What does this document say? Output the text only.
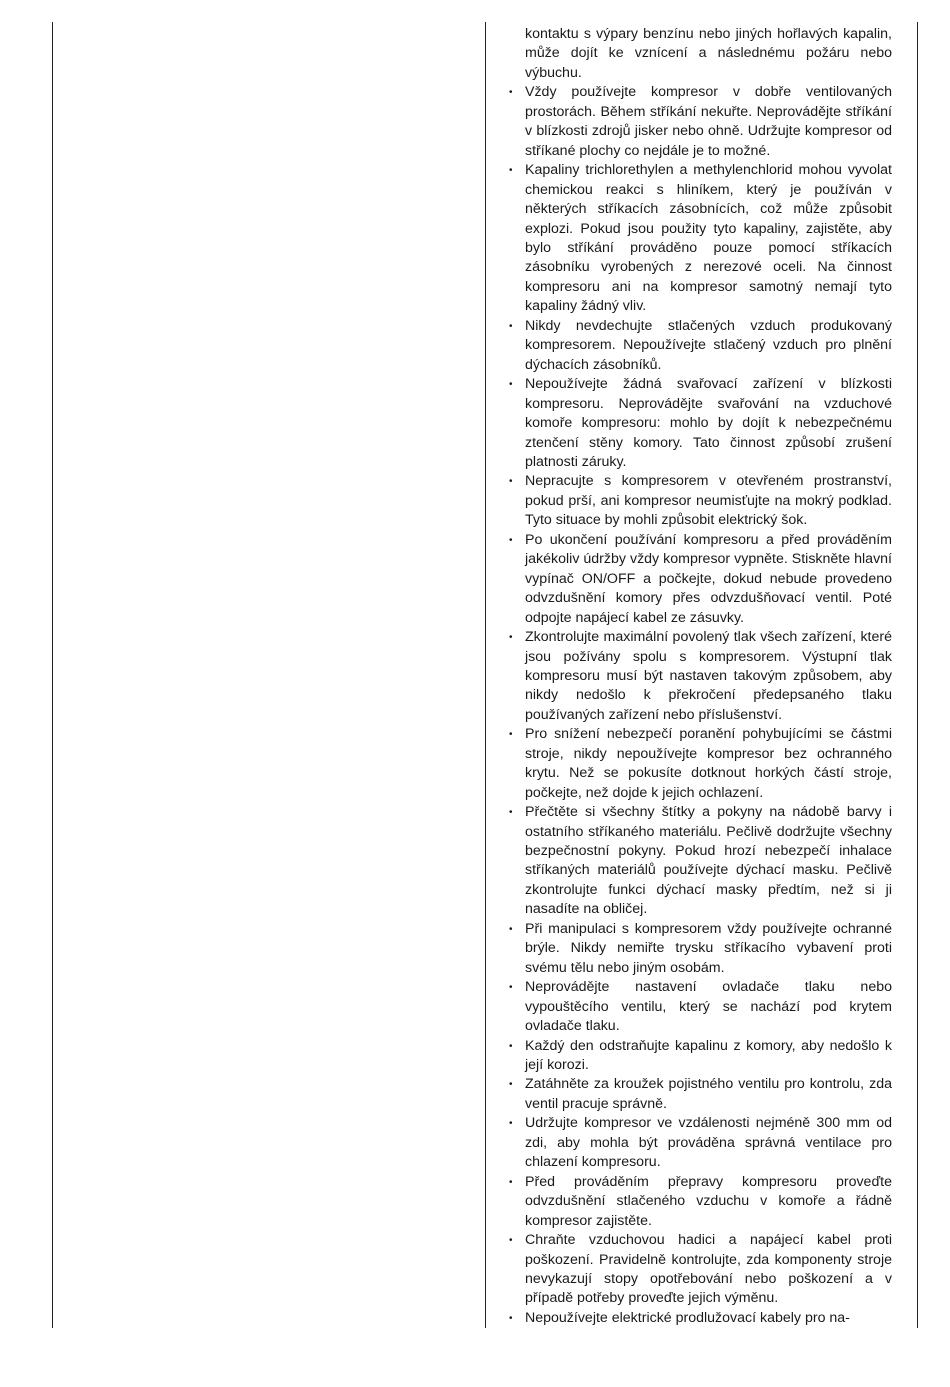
kontaktu s výpary benzínu nebo jiných hořlavých kapalin, může dojít ke vznícení a následnému požáru nebo výbuchu.

• Vždy používejte kompresor v dobře ventilovaných prostorách. Během stříkání nekuřte. Neprovádějte stříkání v blízkosti zdrojů jisker nebo ohně. Udržujte kompresor od stříkané plochy co nejdále je to možné.
• Kapaliny trichlorethylen a methylenchlorid mohou vyvolat chemickou reakci s hliníkem, který je používán v některých stříkacích zásobnících, což může způsobit explozi. Pokud jsou použity tyto kapaliny, zajistěte, aby bylo stříkání prováděno pouze pomocí stříkacích zásobníku vyrobených z nerezové oceli. Na činnost kompresoru ani na kompresor samotný nemají tyto kapaliny žádný vliv.
• Nikdy nevdechujte stlačených vzduch produkovaný kompresorem. Nepoužívejte stlačený vzduch pro plnění dýchacích zásobníků.
• Nepoužívejte žádná svařovací zařízení v blízkosti kompresoru. Neprovádějte svařování na vzduchové komoře kompresoru: mohlo by dojít k nebezpečnému ztenčení stěny komory. Tato činnost způsobí zrušení platnosti záruky.
• Nepracujte s kompresorem v otevřeném prostranství, pokud prší, ani kompresor neumisťujte na mokrý podklad. Tyto situace by mohli způsobit elektrický šok.
• Po ukončení používání kompresoru a před prováděním jakékoliv údržby vždy kompresor vypněte. Stiskněte hlavní vypínač ON/OFF a počkejte, dokud nebude provedeno odvzdušnění komory přes odvzdušňovací ventil. Poté odpojte napájecí kabel ze zásuvky.
• Zkontrolujte maximální povolený tlak všech zařízení, které jsou požívány spolu s kompresorem. Výstupní tlak kompresoru musí být nastaven takovým způsobem, aby nikdy nedošlo k překročení předepsaného tlaku používaných zařízení nebo příslušenství.
• Pro snížení nebezpečí poranění pohybujícími se částmi stroje, nikdy nepoužívejte kompresor bez ochranného krytu. Než se pokusíte dotknout horkých částí stroje, počkejte, než dojde k jejich ochlazení.
• Přečtěte si všechny štítky a pokyny na nádobě barvy i ostatního stříkaného materiálu. Pečlivě dodržujte všechny bezpečnostní pokyny. Pokud hrozí nebezpečí inhalace stříkaných materiálů používejte dýchací masku. Pečlivě zkontrolujte funkci dýchací masky předtím, než si ji nasadíte na obličej.
• Při manipulaci s kompresorem vždy používejte ochranné brýle. Nikdy nemiřte trysku stříkacího vybavení proti svému tělu nebo jiným osobám.
• Neprovádějte nastavení ovladače tlaku nebo vypouštěcího ventilu, který se nachází pod krytem ovladače tlaku.
• Každý den odstraňujte kapalinu z komory, aby nedošlo k její korozi.
• Zatáhněte za kroužek pojistného ventilu pro kontrolu, zda ventil pracuje správně.
• Udržujte kompresor ve vzdálenosti nejméně 300 mm od zdi, aby mohla být prováděna správná ventilace pro chlazení kompresoru.
• Před prováděním přepravy kompresoru proveďte odvzdušnění stlačeného vzduchu v komoře a řádně kompresor zajistěte.
• Chraňte vzduchovou hadici a napájecí kabel proti poškození. Pravidelně kontrolujte, zda komponenty stroje nevykazují stopy opotřebování nebo poškození a v případě potřeby proveďte jejich výměnu.
• Nepoužívejte elektrické prodlužovací kabely pro na-
